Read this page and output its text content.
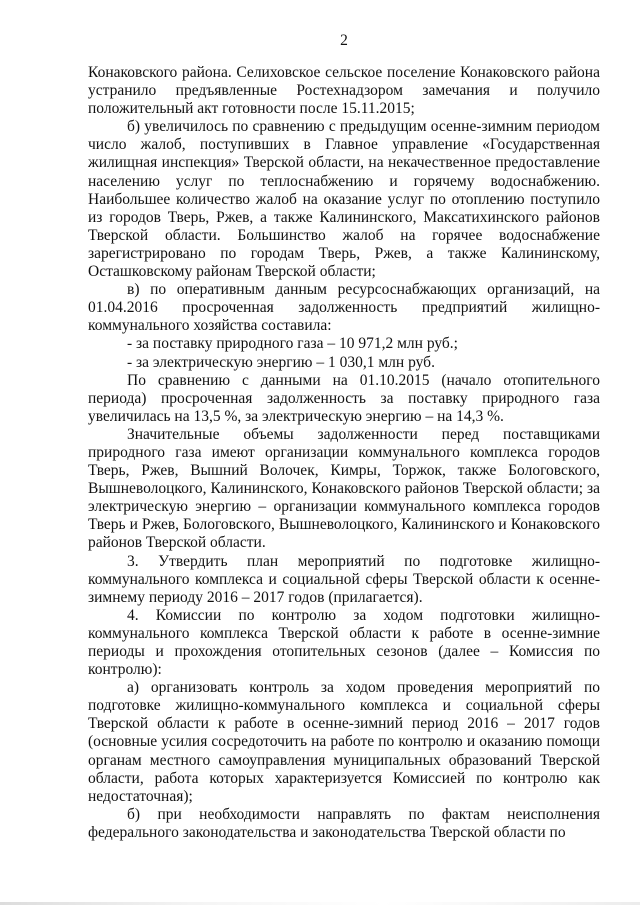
2

Конаковского района. Селиховское сельское поселение Конаковского района устранило предъявленные Ростехнадзором замечания и получило положительный акт готовности после 15.11.2015;

б) увеличилось по сравнению с предыдущим осенне-зимним периодом число жалоб, поступивших в Главное управление «Государственная жилищная инспекция» Тверской области, на некачественное предоставление населению услуг по теплоснабжению и горячему водоснабжению. Наибольшее количество жалоб на оказание услуг по отоплению поступило из городов Тверь, Ржев, а также Калининского, Максатихинского районов Тверской области. Большинство жалоб на горячее водоснабжение зарегистрировано по городам Тверь, Ржев, а также Калининскому, Осташковскому районам Тверской области;

в) по оперативным данным ресурсоснабжающих организаций, на 01.04.2016 просроченная задолженность предприятий жилищно-коммунального хозяйства составила:

- за поставку природного газа – 10 971,2 млн руб.;

- за электрическую энергию – 1 030,1 млн руб.

По сравнению с данными на 01.10.2015 (начало отопительного периода) просроченная задолженность за поставку природного газа увеличилась на 13,5 %, за электрическую энергию – на 14,3 %.

Значительные объемы задолженности перед поставщиками природного газа имеют организации коммунального комплекса городов Тверь, Ржев, Вышний Волочек, Кимры, Торжок, также Бологовского, Вышневолоцкого, Калининского, Конаковского районов Тверской области; за электрическую энергию – организации коммунального комплекса городов Тверь и Ржев, Бологовского, Вышневолоцкого, Калининского и Конаковского районов Тверской области.

3. Утвердить план мероприятий по подготовке жилищно-коммунального комплекса и социальной сферы Тверской области к осенне-зимнему периоду 2016 – 2017 годов (прилагается).

4. Комиссии по контролю за ходом подготовки жилищно-коммунального комплекса Тверской области к работе в осенне-зимние периоды и прохождения отопительных сезонов (далее – Комиссия по контролю):

а) организовать контроль за ходом проведения мероприятий по подготовке жилищно-коммунального комплекса и социальной сферы Тверской области к работе в осенне-зимний период 2016 – 2017 годов (основные усилия сосредоточить на работе по контролю и оказанию помощи органам местного самоуправления муниципальных образований Тверской области, работа которых характеризуется Комиссией по контролю как недостаточная);

б) при необходимости направлять по фактам неисполнения федерального законодательства и законодательства Тверской области по
